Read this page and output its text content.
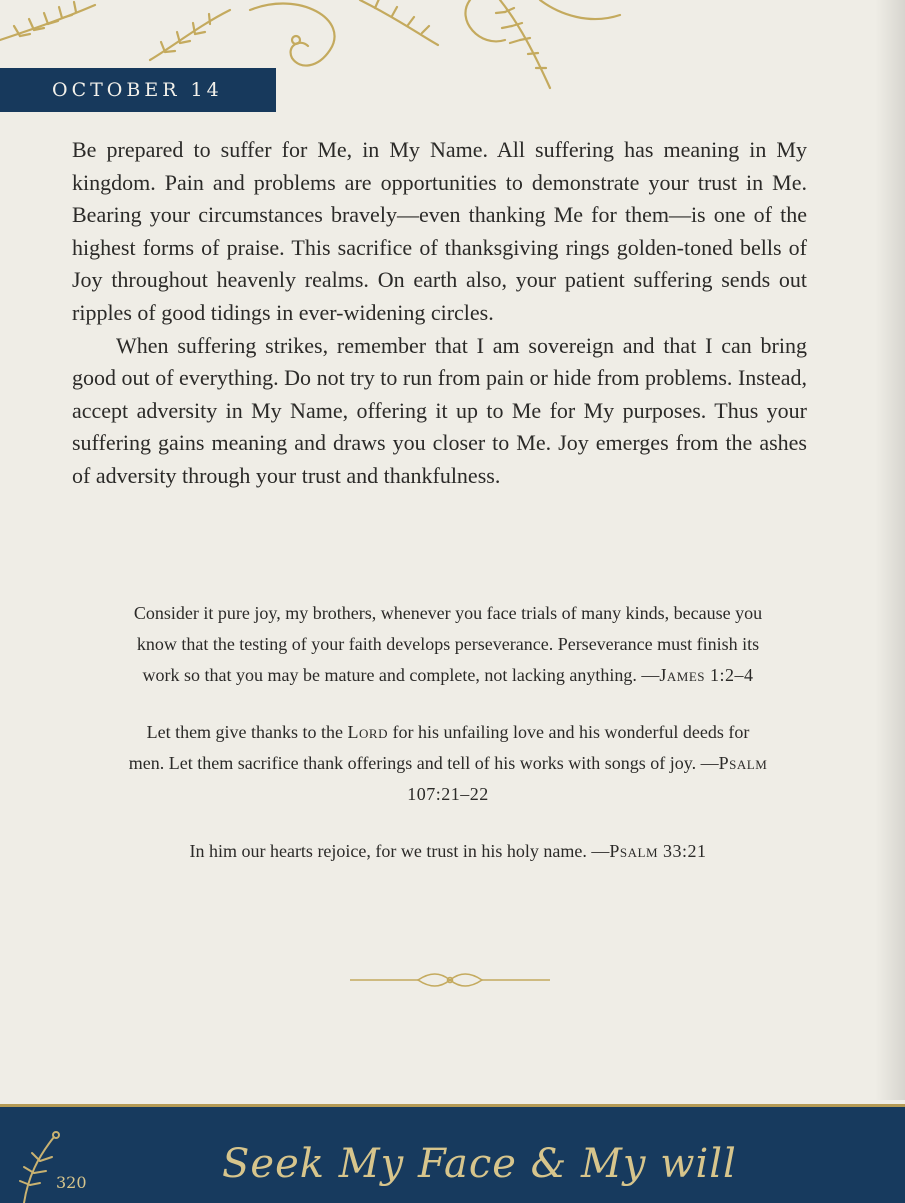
OCTOBER 14

Be prepared to suffer for Me, in My Name. All suffering has meaning in My kingdom. Pain and problems are opportunities to demonstrate your trust in Me. Bearing your circumstances bravely—even thanking Me for them—is one of the highest forms of praise. This sacrifice of thanksgiving rings golden-toned bells of Joy throughout heavenly realms. On earth also, your patient suffering sends out ripples of good tidings in ever-widening circles.

When suffering strikes, remember that I am sovereign and that I can bring good out of everything. Do not try to run from pain or hide from problems. Instead, accept adversity in My Name, offering it up to Me for My purposes. Thus your suffering gains meaning and draws you closer to Me. Joy emerges from the ashes of adversity through your trust and thankfulness.

Consider it pure joy, my brothers, whenever you face trials of many kinds, because you know that the testing of your faith develops perseverance. Perseverance must finish its work so that you may be mature and complete, not lacking anything. —James 1:2–4

Let them give thanks to the Lord for his unfailing love and his wonderful deeds for men. Let them sacrifice thank offerings and tell of his works with songs of joy. —Psalm 107:21–22

In him our hearts rejoice, for we trust in his holy name. —Psalm 33:21

320	Seek My Face & My will
